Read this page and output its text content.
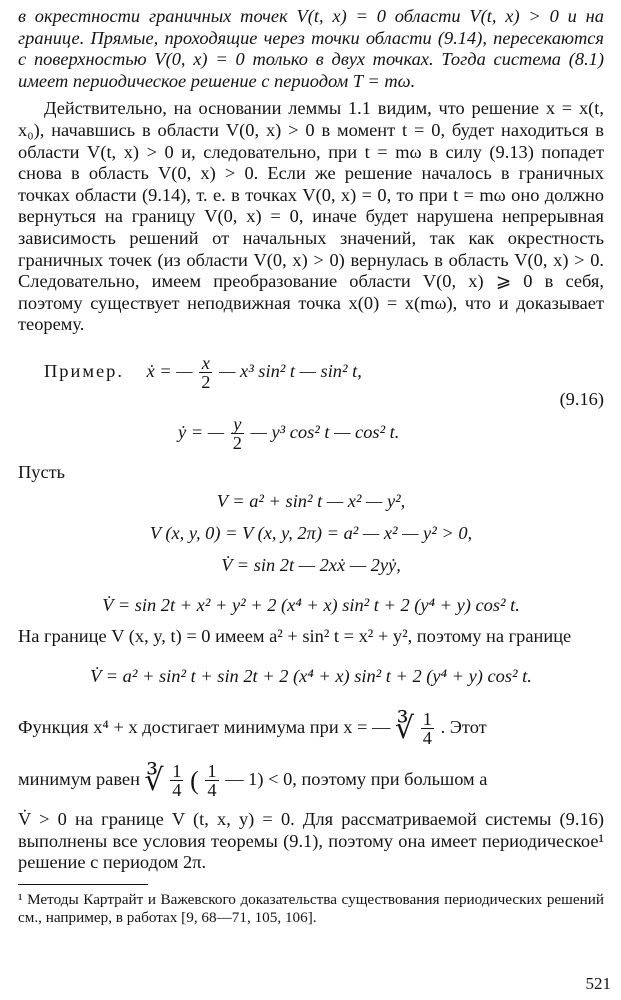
в окрестности граничных точек V(t, x) = 0 области V(t, x) > 0 и на границе. Прямые, проходящие через точки области (9.14), пересекаются с поверхностью V(0, x) = 0 только в двух точках. Тогда система (8.1) имеет периодическое решение с периодом T = mω.

Действительно, на основании леммы 1.1 видим, что решение x = x(t, x₀), начавшись в области V(0, x) > 0 в момент t = 0, будет находиться в области V(t, x) > 0 и, следовательно, при t = mω в силу (9.13) попадет снова в область V(0, x) > 0. Если же решение началось в граничных точках области (9.14), т. е. в точках V(0, x) = 0, то при t = mω оно должно вернуться на границу V(0, x) = 0, иначе будет нарушена непрерывная зависимость решений от начальных значений, так как окрестность граничных точек (из области V(0, x) > 0) вернулась в область V(0, x) > 0. Следовательно, имеем преобразование области V(0, x) ⩾ 0 в себя, поэтому существует неподвижная точка x(0) = x(mω), что и доказывает теорему.

Пример. ẋ = — $\frac{x}{2}$ — x³ sin² t — sin² t,
(9.16)
ẏ = — $\frac{y}{2}$ — y³ cos² t — cos² t.

Пусть

V = a² + sin² t — x² — y²,
V (x, y, 0) = V (x, y, 2π) = a² — x² — y² > 0,
V̇ = sin 2t — 2xẋ — 2yẏ,
V̇ = sin 2t + x² + y² + 2 (x⁴ + x) sin² t + 2 (y⁴ + y) cos² t.

На границе V (x, y, t) = 0 имеем a² + sin² t = x² + y², поэтому на границе

V̇ = a² + sin² t + sin 2t + 2 (x⁴ + x) sin² t + 2 (y⁴ + y) cos² t.
Функция x⁴ + x достигает минимума при x = — ∛ $\frac{1}{4}$ . Этот
минимум равен ∛ $\frac{1}{4}$ ( $\frac{1}{4}$ — 1) < 0, поэтому при большом a

V̇ > 0 на границе V (t, x, y) = 0. Для рассматриваемой системы (9.16) выполнены все условия теоремы (9.1), поэтому она имеет периодическое¹ решение с периодом 2π.

¹ Методы Картрайт и Важевского доказательства существования периодических решений см., например, в работах [9, 68—71, 105, 106].

521
